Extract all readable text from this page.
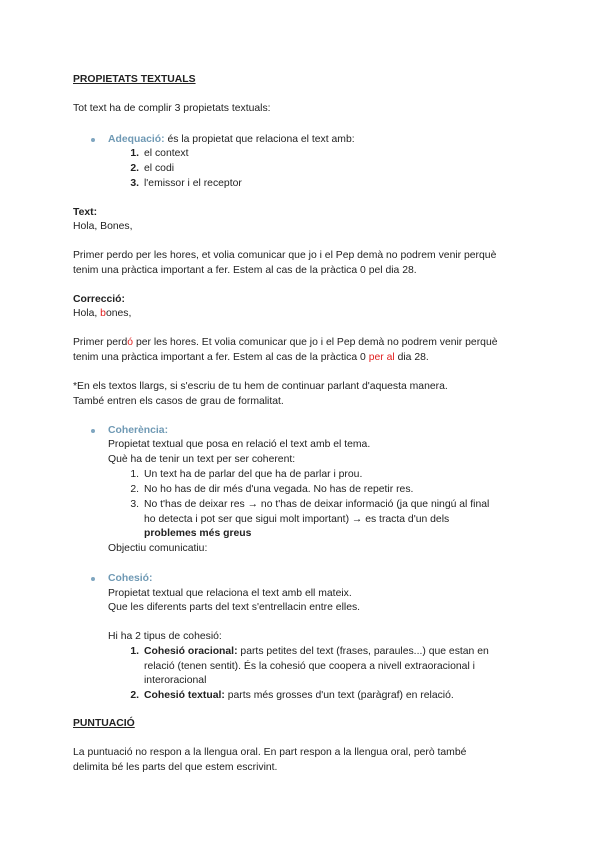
PROPIETATS TEXTUALS
Tot text ha de complir 3 propietats textuals:
Adequació: és la propietat que relaciona el text amb:
1. el context
2. el codi
3. l'emissor i el receptor
Text:
Hola, Bones,
Primer perdo per les hores, et volia comunicar que jo i el Pep demà no podrem venir perquè
tenim una pràctica important a fer. Estem al cas de la pràctica 0 pel dia 28.
Correcció:
Hola, bones,
Primer perdó per les hores. Et volia comunicar que jo i el Pep demà no podrem venir perquè
tenim una pràctica important a fer. Estem al cas de la pràctica 0 per al dia 28.
*En els textos llargs, si s'escriu de tu hem de continuar parlant d'aquesta manera.
També entren els casos de grau de formalitat.
Coherència:
Propietat textual que posa en relació el text amb el tema.
Què ha de tenir un text per ser coherent:
1. Un text ha de parlar del que ha de parlar i prou.
2. No ho has de dir més d'una vegada. No has de repetir res.
3. No t'has de deixar res → no t'has de deixar informació (ja que ningú al final
ho detecta i pot ser que sigui molt important) → es tracta d'un dels
problemes més greus
Objectiu comunicatiu:
Cohesió:
Propietat textual que relaciona el text amb ell mateix.
Que les diferents parts del text s'entrellacin entre elles.
Hi ha 2 tipus de cohesió:
1. Cohesió oracional: parts petites del text (frases, paraules...) que estan en
relació (tenen sentit). És la cohesió que coopera a nivell extraoracional i
interoracional
2. Cohesió textual: parts més grosses d'un text (paràgraf) en relació.
PUNTUACIÓ
La puntuació no respon a la llengua oral. En part respon a la llengua oral, però també
delimita bé les parts del que estem escrivint.
